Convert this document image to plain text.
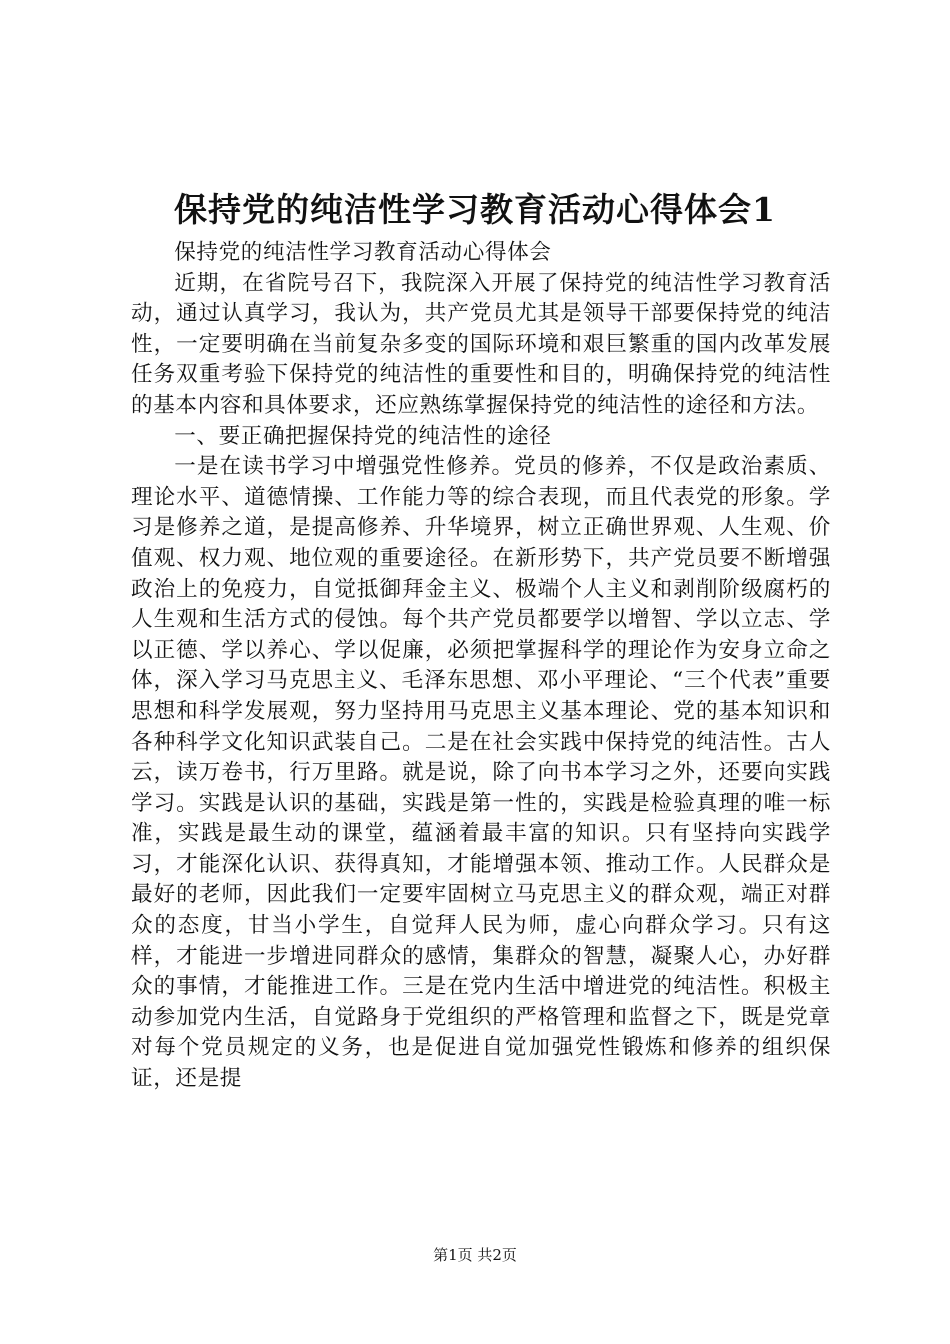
保持党的纯洁性学习教育活动心得体会1

保持党的纯洁性学习教育活动心得体会

近期，在省院号召下，我院深入开展了保持党的纯洁性学习教育活动，通过认真学习，我认为，共产党员尤其是领导干部要保持党的纯洁性，一定要明确在当前复杂多变的国际环境和艰巨繁重的国内改革发展任务双重考验下保持党的纯洁性的重要性和目的，明确保持党的纯洁性的基本内容和具体要求，还应熟练掌握保持党的纯洁性的途径和方法。

一、要正确把握保持党的纯洁性的途径

一是在读书学习中增强党性修养。党员的修养，不仅是政治素质、理论水平、道德情操、工作能力等的综合表现，而且代表党的形象。学习是修养之道，是提高修养、升华境界，树立正确世界观、人生观、价值观、权力观、地位观的重要途径。在新形势下，共产党员要不断增强政治上的免疫力，自觉抵御拜金主义、极端个人主义和剥削阶级腐朽的人生观和生活方式的侵蚀。每个共产党员都要学以增智、学以立志、学以正德、学以养心、学以促廉，必须把掌握科学的理论作为安身立命之体，深入学习马克思主义、毛泽东思想、邓小平理论、“三个代表”重要思想和科学发展观，努力坚持用马克思主义基本理论、党的基本知识和各种科学文化知识武装自己。二是在社会实践中保持党的纯洁性。古人云，读万卷书，行万里路。就是说，除了向书本学习之外，还要向实践学习。实践是认识的基础，实践是第一性的，实践是检验真理的唯一标准，实践是最生动的课堂，蕴涵着最丰富的知识。只有坚持向实践学习，才能深化认识、获得真知，才能增强本领、推动工作。人民群众是最好的老师，因此我们一定要牢固树立马克思主义的群众观，端正对群众的态度，甘当小学生，自觉拜人民为师，虚心向群众学习。只有这样，才能进一步增进同群众的感情，集群众的智慧，凝聚人心，办好群众的事情，才能推进工作。三是在党内生活中增进党的纯洁性。积极主动参加党内生活，自觉路身于党组织的严格管理和监督之下，既是党章对每个党员规定的义务，也是促进自觉加强党性锻炼和修养的组织保证，还是提

第1页 共2页
